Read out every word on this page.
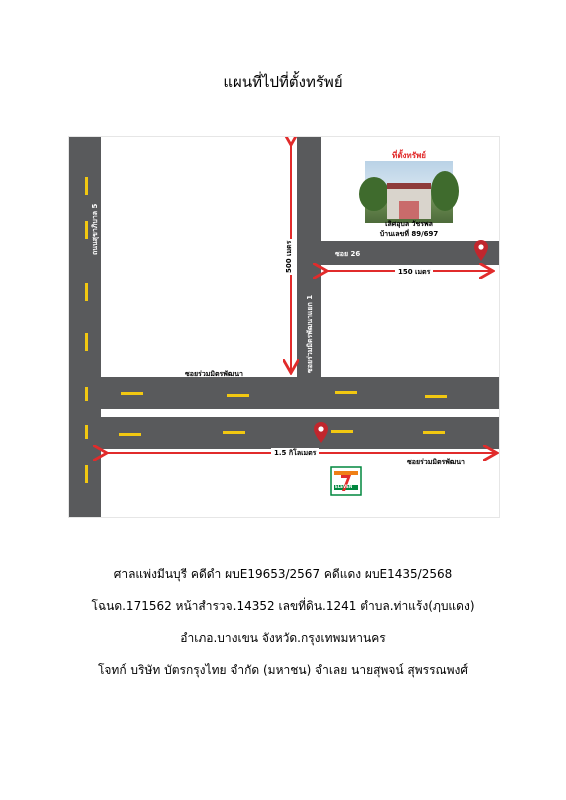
แผนที่ไปที่ตั้งทรัพย์
ELEVEN
ที่ตั้งทรัพย์
เลิศอุบล วัชรพล
บ้านเลขที่ 89/697
ซอย 26
150 เมตร
500 เมตร
ถนนสุขาภิบาล 5
ซอยร่วมมิตรพัฒนาแยก 1
ซอยร่วมมิตรพัฒนา
1.5 กิโลเมตร
ซอยร่วมมิตรพัฒนา
ศาลแพ่งมีนบุรี คดีดำ ผบE19653/2567 คดีแดง ผบE1435/2568
โฉนด.171562 หน้าสำรวจ.14352 เลขที่ดิน.1241 ตำบล.ท่าแร้ง(ฦบแดง)
อำเภอ.บางเขน จังหวัด.กรุงเทพมหานคร
โจทก์ บริษัท บัตรกรุงไทย จำกัด (มหาชน) จำเลย นายสุพจน์ สุพรรณพงศ์
